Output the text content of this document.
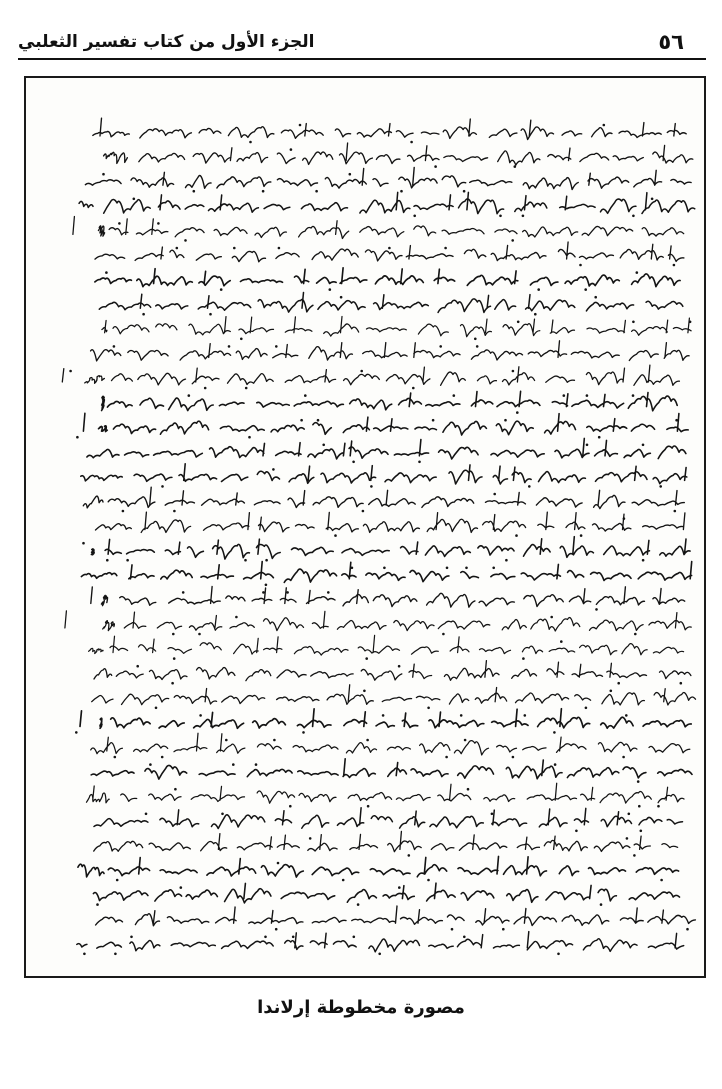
٥٦
الجزء الأول من كتاب تفسير الثعلبي
مصورة مخطوطة إرلاندا
